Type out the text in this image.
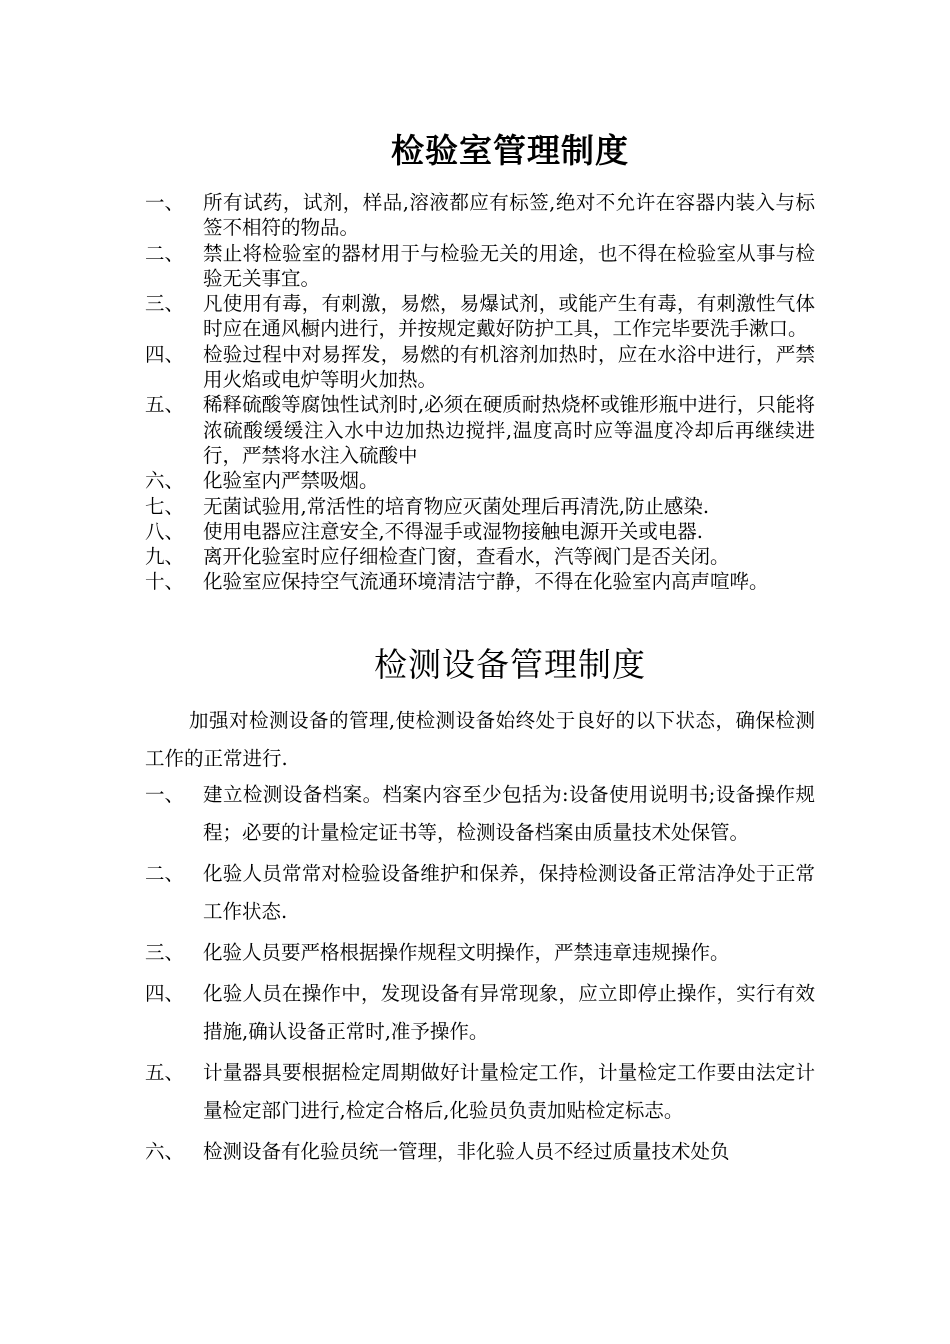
检验室管理制度
一、 所有试药，试剂，样品,溶液都应有标签,绝对不允许在容器内装入与标签不相符的物品。
二、 禁止将检验室的器材用于与检验无关的用途，也不得在检验室从事与检验无关事宜。
三、 凡使用有毒，有刺激，易燃，易爆试剂，或能产生有毒，有刺激性气体时应在通风橱内进行，并按规定戴好防护工具，工作完毕要洗手漱口。
四、 检验过程中对易挥发，易燃的有机溶剂加热时，应在水浴中进行，严禁用火焰或电炉等明火加热。
五、 稀释硫酸等腐蚀性试剂时,必须在硬质耐热烧杯或锥形瓶中进行，只能将浓硫酸缓缓注入水中边加热边搅拌,温度高时应等温度冷却后再继续进行，严禁将水注入硫酸中
六、 化验室内严禁吸烟。
七、 无菌试验用,常活性的培育物应灭菌处理后再清洗,防止感染.
八、 使用电器应注意安全,不得湿手或湿物接触电源开关或电器.
九、 离开化验室时应仔细检查门窗，查看水，汽等阀门是否关闭。
十、 化验室应保持空气流通环境清洁宁静，不得在化验室内高声喧哗。
检测设备管理制度

加强对检测设备的管理,使检测设备始终处于良好的以下状态，确保检测工作的正常进行.

一、 建立检测设备档案。档案内容至少包括为:设备使用说明书;设备操作规程；必要的计量检定证书等，检测设备档案由质量技术处保管。
二、 化验人员常常对检验设备维护和保养，保持检测设备正常洁净处于正常工作状态.
三、 化验人员要严格根据操作规程文明操作，严禁违章违规操作。
四、 化验人员在操作中，发现设备有异常现象，应立即停止操作，实行有效措施,确认设备正常时,准予操作。
五、 计量器具要根据检定周期做好计量检定工作，计量检定工作要由法定计量检定部门进行,检定合格后,化验员负责加贴检定标志。
六、 检测设备有化验员统一管理，非化验人员不经过质量技术处负
